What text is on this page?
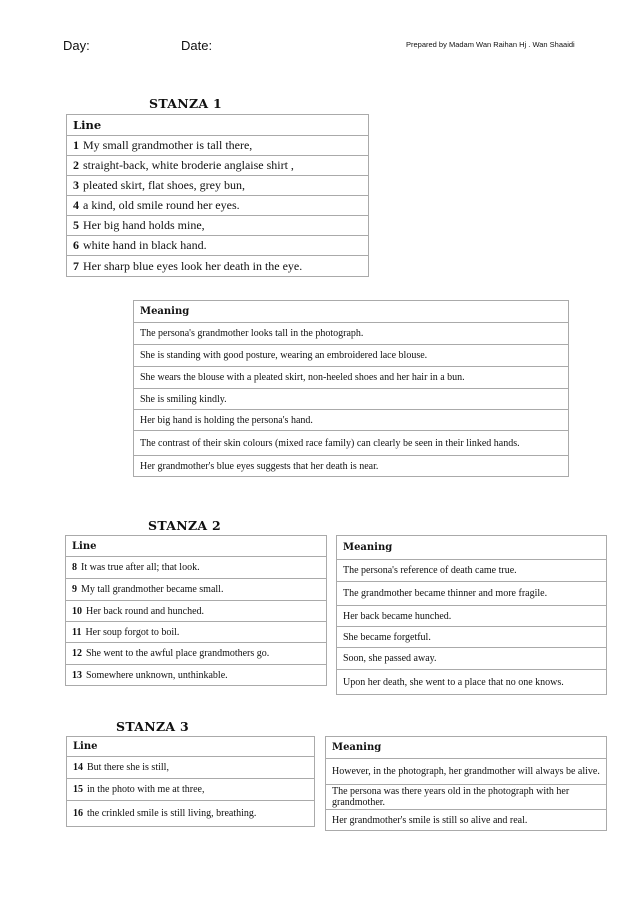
Day:	Date:	Prepared by Madam Wan Raihan Hj . Wan Shaaidi
STANZA 1
Line
1 My small grandmother is tall there,
2 straight-back, white broderie anglaise shirt ,
3 pleated skirt, flat shoes, grey bun,
4 a kind, old smile round her eyes.
5 Her big hand holds mine,
6 white hand in black hand.
7 Her sharp blue eyes look her death in the eye.
Meaning
The persona's grandmother looks tall in the photograph.
She is standing with good posture, wearing an embroidered lace blouse.
She wears the blouse with a pleated skirt, non-heeled shoes and her hair in a bun.
She is smiling kindly.
Her big hand is holding the persona's hand.
The contrast of their skin colours (mixed race family) can clearly be seen in their linked hands.
Her grandmother's blue eyes suggests that her death is near.
STANZA 2
Line
8 It was true after all; that look.
9 My tall grandmother became small.
10 Her back round and hunched.
11 Her soup forgot to boil.
12 She went to the awful place grandmothers go.
13 Somewhere unknown, unthinkable.
Meaning
The persona's reference of death came true.
The grandmother became thinner and more fragile.
Her back became hunched.
She became forgetful.
Soon, she passed away.
Upon her death, she went to a place that no one knows.
STANZA 3
Line
14 But there she is still,
15 in the photo with me at three,
16 the crinkled smile is still living, breathing.
Meaning
However, in the photograph, her grandmother will always be alive.
The persona was there years old in the photograph with her grandmother.
Her grandmother's smile is still so alive and real.
